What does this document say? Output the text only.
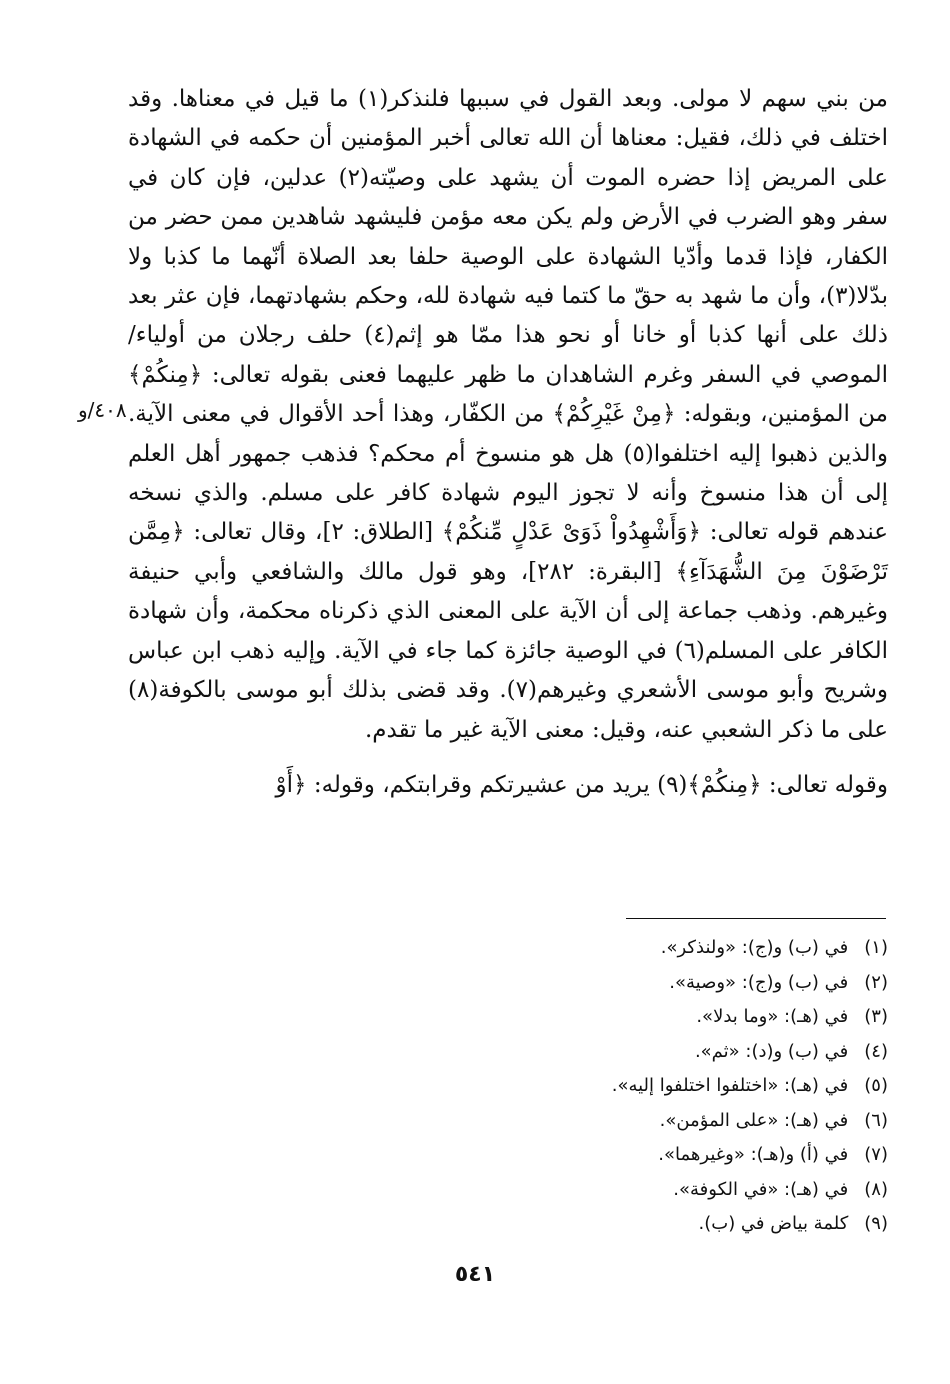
من بني سهم لا مولى. وبعد القول في سببها فلنذكر(١) ما قيل في معناها. وقد اختلف في ذلك، فقيل: معناها أن الله تعالى أخبر المؤمنين أن حكمه في الشهادة على المريض إذا حضره الموت أن يشهد على وصيّته(٢) عدلين، فإن كان في سفر وهو الضرب في الأرض ولم يكن معه مؤمن فليشهد شاهدين ممن حضر من الكفار، فإذا قدما وأدّيا الشهادة على الوصية حلفا بعد الصلاة أنّهما ما كذبا ولا بدّلا(٣)، وأن ما شهد به حقّ ما كتما فيه شهادة لله، وحكم بشهادتهما، فإن عثر بعد ذلك على أنها كذبا أو خانا أو نحو هذا ممّا هو إثم(٤) حلف رجلان من أولياء/ الموصي في السفر وغرم الشاهدان ما ظهر عليهما فعنى بقوله تعالى: ﴿مِنكُمْ﴾ من المؤمنين، وبقوله: ﴿مِنْ غَيْرِكُمْ﴾ من الكفّار، وهذا أحد الأقوال في معنى الآية. والذين ذهبوا إليه اختلفوا(٥) هل هو منسوخ أم محكم؟ فذهب جمهور أهل العلم إلى أن هذا منسوخ وأنه لا تجوز اليوم شهادة كافر على مسلم. والذي نسخه عندهم قوله تعالى: ﴿وَأَشْهِدُواْ ذَوَىْ عَدْلٍ مِّنكُمْ﴾ [الطلاق: ٢]، وقال تعالى: ﴿مِمَّن تَرْضَوْنَ مِنَ الشُّهَدَآءِ﴾ [البقرة: ٢٨٢]، وهو قول مالك والشافعي وأبي حنيفة وغيرهم. وذهب جماعة إلى أن الآية على المعنى الذي ذكرناه محكمة، وأن شهادة الكافر على المسلم(٦) في الوصية جائزة كما جاء في الآية. وإليه ذهب ابن عباس وشريح وأبو موسى الأشعري وغيرهم(٧). وقد قضى بذلك أبو موسى بالكوفة(٨) على ما ذكر الشعبي عنه، وقيل: معنى الآية غير ما تقدم.

وقوله تعالى: ﴿مِنكُمْ﴾(٩) يريد من عشيرتكم وقرابتكم، وقوله: ﴿أَوْ

٤٠٨/و
(١) في (ب) و(ج): «ولنذكر».
(٢) في (ب) و(ج): «وصية».
(٣) في (هـ): «وما بدلا».
(٤) في (ب) و(د): «ثم».
(٥) في (هـ): «اختلفوا اختلفوا إليه».
(٦) في (هـ): «على المؤمن».
(٧) في (أ) و(هـ): «وغيرهما».
(٨) في (هـ): «في الكوفة».
(٩) كلمة بياض في (ب).
٥٤١
